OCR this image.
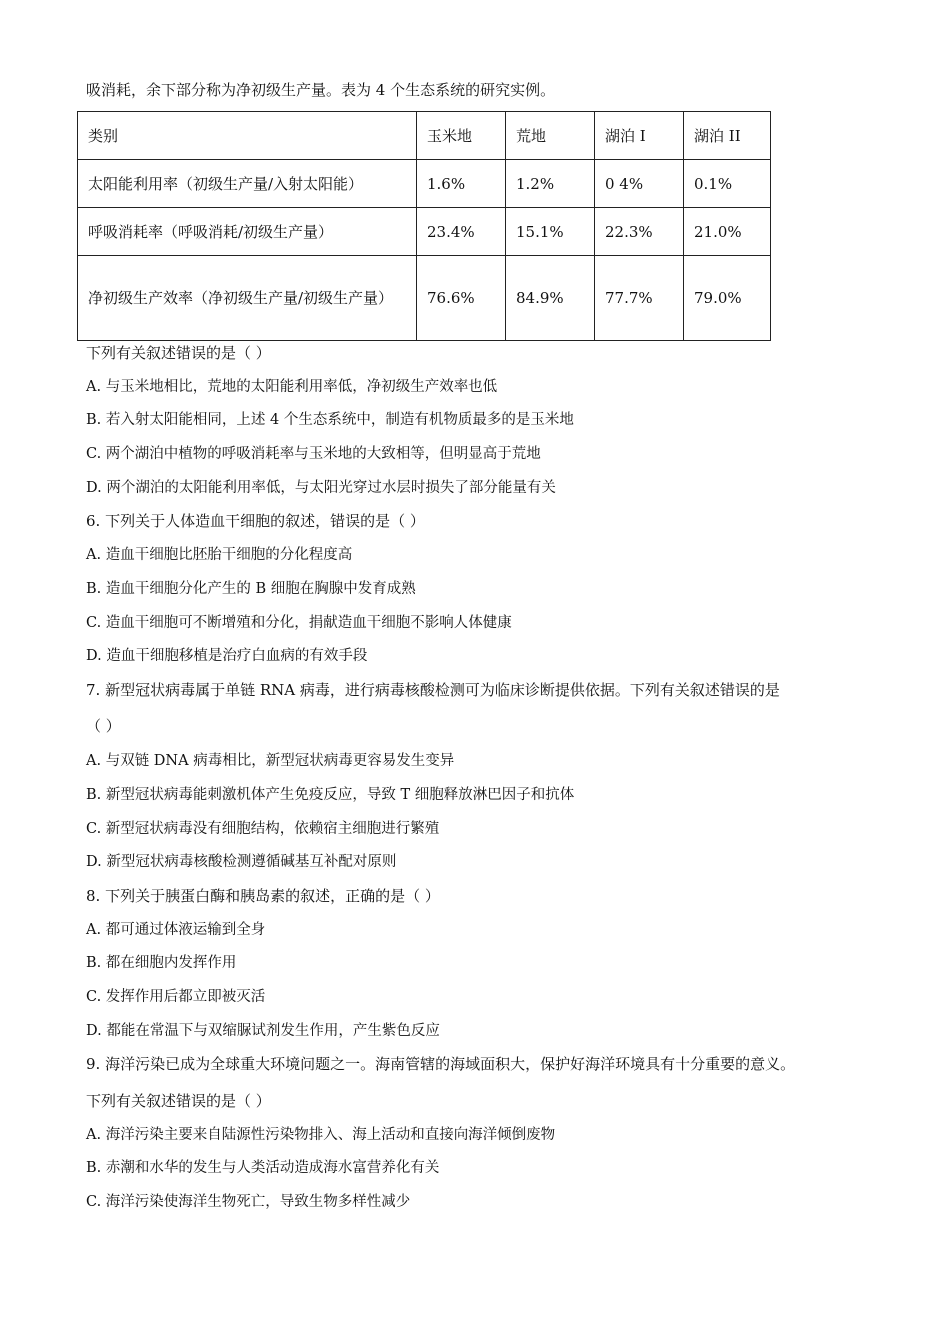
吸消耗，余下部分称为净初级生产量。表为 4 个生态系统的研究实例。
类别	玉米地	荒地	湖泊 I	湖泊 II
太阳能利用率（初级生产量/入射太阳能）	1.6%	1.2%	0 4%	0.1%
呼吸消耗率（呼吸消耗/初级生产量）	23.4%	15.1%	22.3%	21.0%
净初级生产效率（净初级生产量/初级生产量）	76.6%	84.9%	77.7%	79.0%
下列有关叙述错误的是（ ）
A. 与玉米地相比，荒地的太阳能利用率低，净初级生产效率也低
B. 若入射太阳能相同，上述 4 个生态系统中，制造有机物质最多的是玉米地
C. 两个湖泊中植物的呼吸消耗率与玉米地的大致相等，但明显高于荒地
D. 两个湖泊的太阳能利用率低，与太阳光穿过水层时损失了部分能量有关
6. 下列关于人体造血干细胞的叙述，错误的是（ ）
A. 造血干细胞比胚胎干细胞的分化程度高
B. 造血干细胞分化产生的 B 细胞在胸腺中发育成熟
C. 造血干细胞可不断增殖和分化，捐献造血干细胞不影响人体健康
D. 造血干细胞移植是治疗白血病的有效手段
7. 新型冠状病毒属于单链 RNA 病毒，进行病毒核酸检测可为临床诊断提供依据。下列有关叙述错误的是
（ ）
A. 与双链 DNA 病毒相比，新型冠状病毒更容易发生变异
B. 新型冠状病毒能刺激机体产生免疫反应，导致 T 细胞释放淋巴因子和抗体
C. 新型冠状病毒没有细胞结构，依赖宿主细胞进行繁殖
D. 新型冠状病毒核酸检测遵循碱基互补配对原则
8. 下列关于胰蛋白酶和胰岛素的叙述，正确的是（ ）
A. 都可通过体液运输到全身
B. 都在细胞内发挥作用
C. 发挥作用后都立即被灭活
D. 都能在常温下与双缩脲试剂发生作用，产生紫色反应
9. 海洋污染已成为全球重大环境问题之一。海南管辖的海域面积大，保护好海洋环境具有十分重要的意义。
下列有关叙述错误的是（ ）
A. 海洋污染主要来自陆源性污染物排入、海上活动和直接向海洋倾倒废物
B. 赤潮和水华的发生与人类活动造成海水富营养化有关
C. 海洋污染使海洋生物死亡，导致生物多样性减少
